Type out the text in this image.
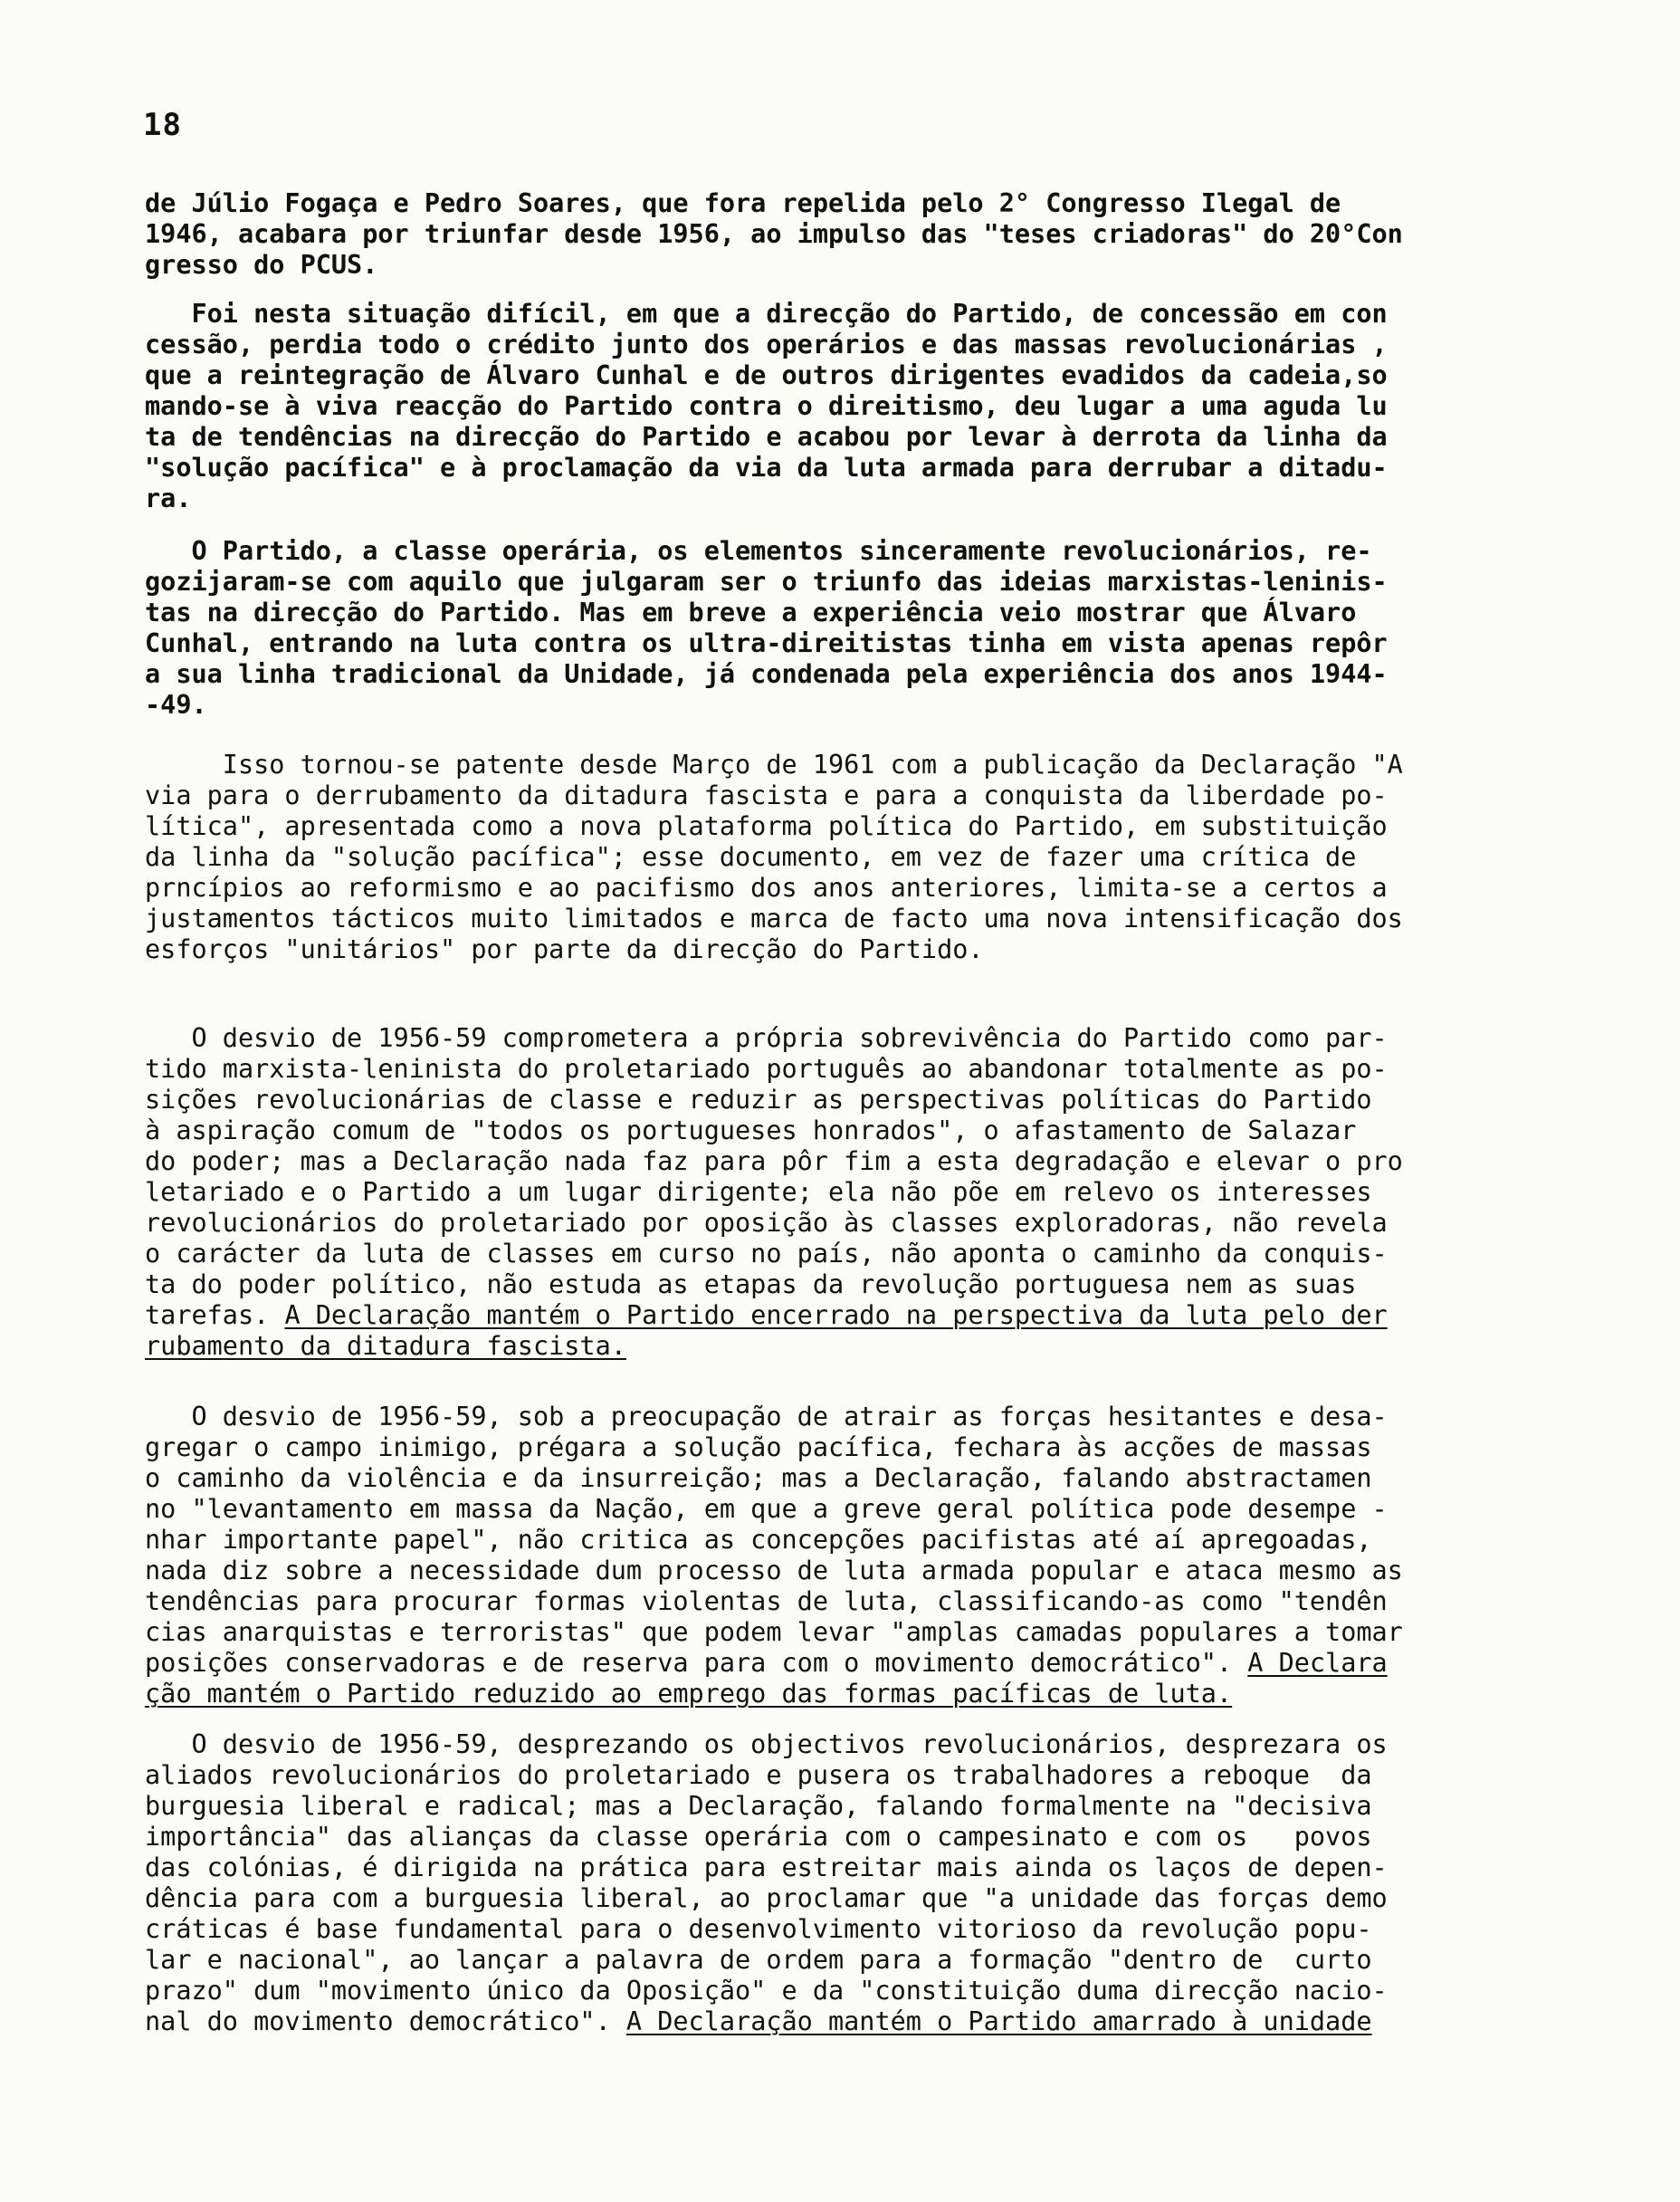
18
de Júlio Fogaça e Pedro Soares, que fora repelida pelo 2° Congresso Ilegal de
1946, acabara por triunfar desde 1956, ao impulso das "teses criadoras" do 20°Con
gresso do PCUS.
Foi nesta situação difícil, em que a direcção do Partido, de concessão em con
cessão, perdia todo o crédito junto dos operários e das massas revolucionárias ,
que a reintegração de Álvaro Cunhal e de outros dirigentes evadidos da cadeia,so
mando-se à viva reacção do Partido contra o direitismo, deu lugar a uma aguda lu
ta de tendências na direcção do Partido e acabou por levar à derrota da linha da
"solução pacífica" e à proclamação da via da luta armada para derrubar a ditadu-
ra.
O Partido, a classe operária, os elementos sinceramente revolucionários, re-
gozijaram-se com aquilo que julgaram ser o triunfo das ideias marxistas-leninis-
tas na direcção do Partido. Mas em breve a experiência veio mostrar que Álvaro
Cunhal, entrando na luta contra os ultra-direitistas tinha em vista apenas repôr
a sua linha tradicional da Unidade, já condenada pela experiência dos anos 1944-
-49.
Isso tornou-se patente desde Março de 1961 com a publicação da Declaração "A
via para o derrubamento da ditadura fascista e para a conquista da liberdade po-
lítica", apresentada como a nova plataforma política do Partido, em substituição
da linha da "solução pacífica"; esse documento, em vez de fazer uma crítica de
prncípios ao reformismo e ao pacifismo dos anos anteriores, limita-se a certos a
justamentos tácticos muito limitados e marca de facto uma nova intensificação dos
esforços "unitários" por parte da direcção do Partido.
O desvio de 1956-59 comprometera a própria sobrevivência do Partido como par-
tido marxista-leninista do proletariado português ao abandonar totalmente as po-
sições revolucionárias de classe e reduzir as perspectivas políticas do Partido
à aspiração comum de "todos os portugueses honrados", o afastamento de Salazar
do poder; mas a Declaração nada faz para pôr fim a esta degradação e elevar o pro
letariado e o Partido a um lugar dirigente; ela não põe em relevo os interesses
revolucionários do proletariado por oposição às classes exploradoras, não revela
o carácter da luta de classes em curso no país, não aponta o caminho da conquis-
ta do poder político, não estuda as etapas da revolução portuguesa nem as suas
tarefas. A Declaração mantém o Partido encerrado na perspectiva da luta pelo der
rubamento da ditadura fascista.
O desvio de 1956-59, sob a preocupação de atrair as forças hesitantes e desa-
gregar o campo inimigo, prégara a solução pacífica, fechara às acções de massas
o caminho da violência e da insurreição; mas a Declaração, falando abstractamen
no "levantamento em massa da Nação, em que a greve geral política pode desempe -
nhar importante papel", não critica as concepções pacifistas até aí apregoadas,
nada diz sobre a necessidade dum processo de luta armada popular e ataca mesmo as
tendências para procurar formas violentas de luta, classificando-as como "tendên
cias anarquistas e terroristas" que podem levar "amplas camadas populares a tomar
posições conservadoras e de reserva para com o movimento democrático". A Declara
ção mantém o Partido reduzido ao emprego das formas pacíficas de luta.
O desvio de 1956-59, desprezando os objectivos revolucionários, desprezara os
aliados revolucionários do proletariado e pusera os trabalhadores a reboque  da
burguesia liberal e radical; mas a Declaração, falando formalmente na "decisiva
importância" das alianças da classe operária com o campesinato e com os   povos
das colónias, é dirigida na prática para estreitar mais ainda os laços de depen-
dência para com a burguesia liberal, ao proclamar que "a unidade das forças demo
cráticas é base fundamental para o desenvolvimento vitorioso da revolução popu-
lar e nacional", ao lançar a palavra de ordem para a formação "dentro de  curto
prazo" dum "movimento único da Oposição" e da "constituição duma direcção nacio-
nal do movimento democrático". A Declaração mantém o Partido amarrado à unidade
